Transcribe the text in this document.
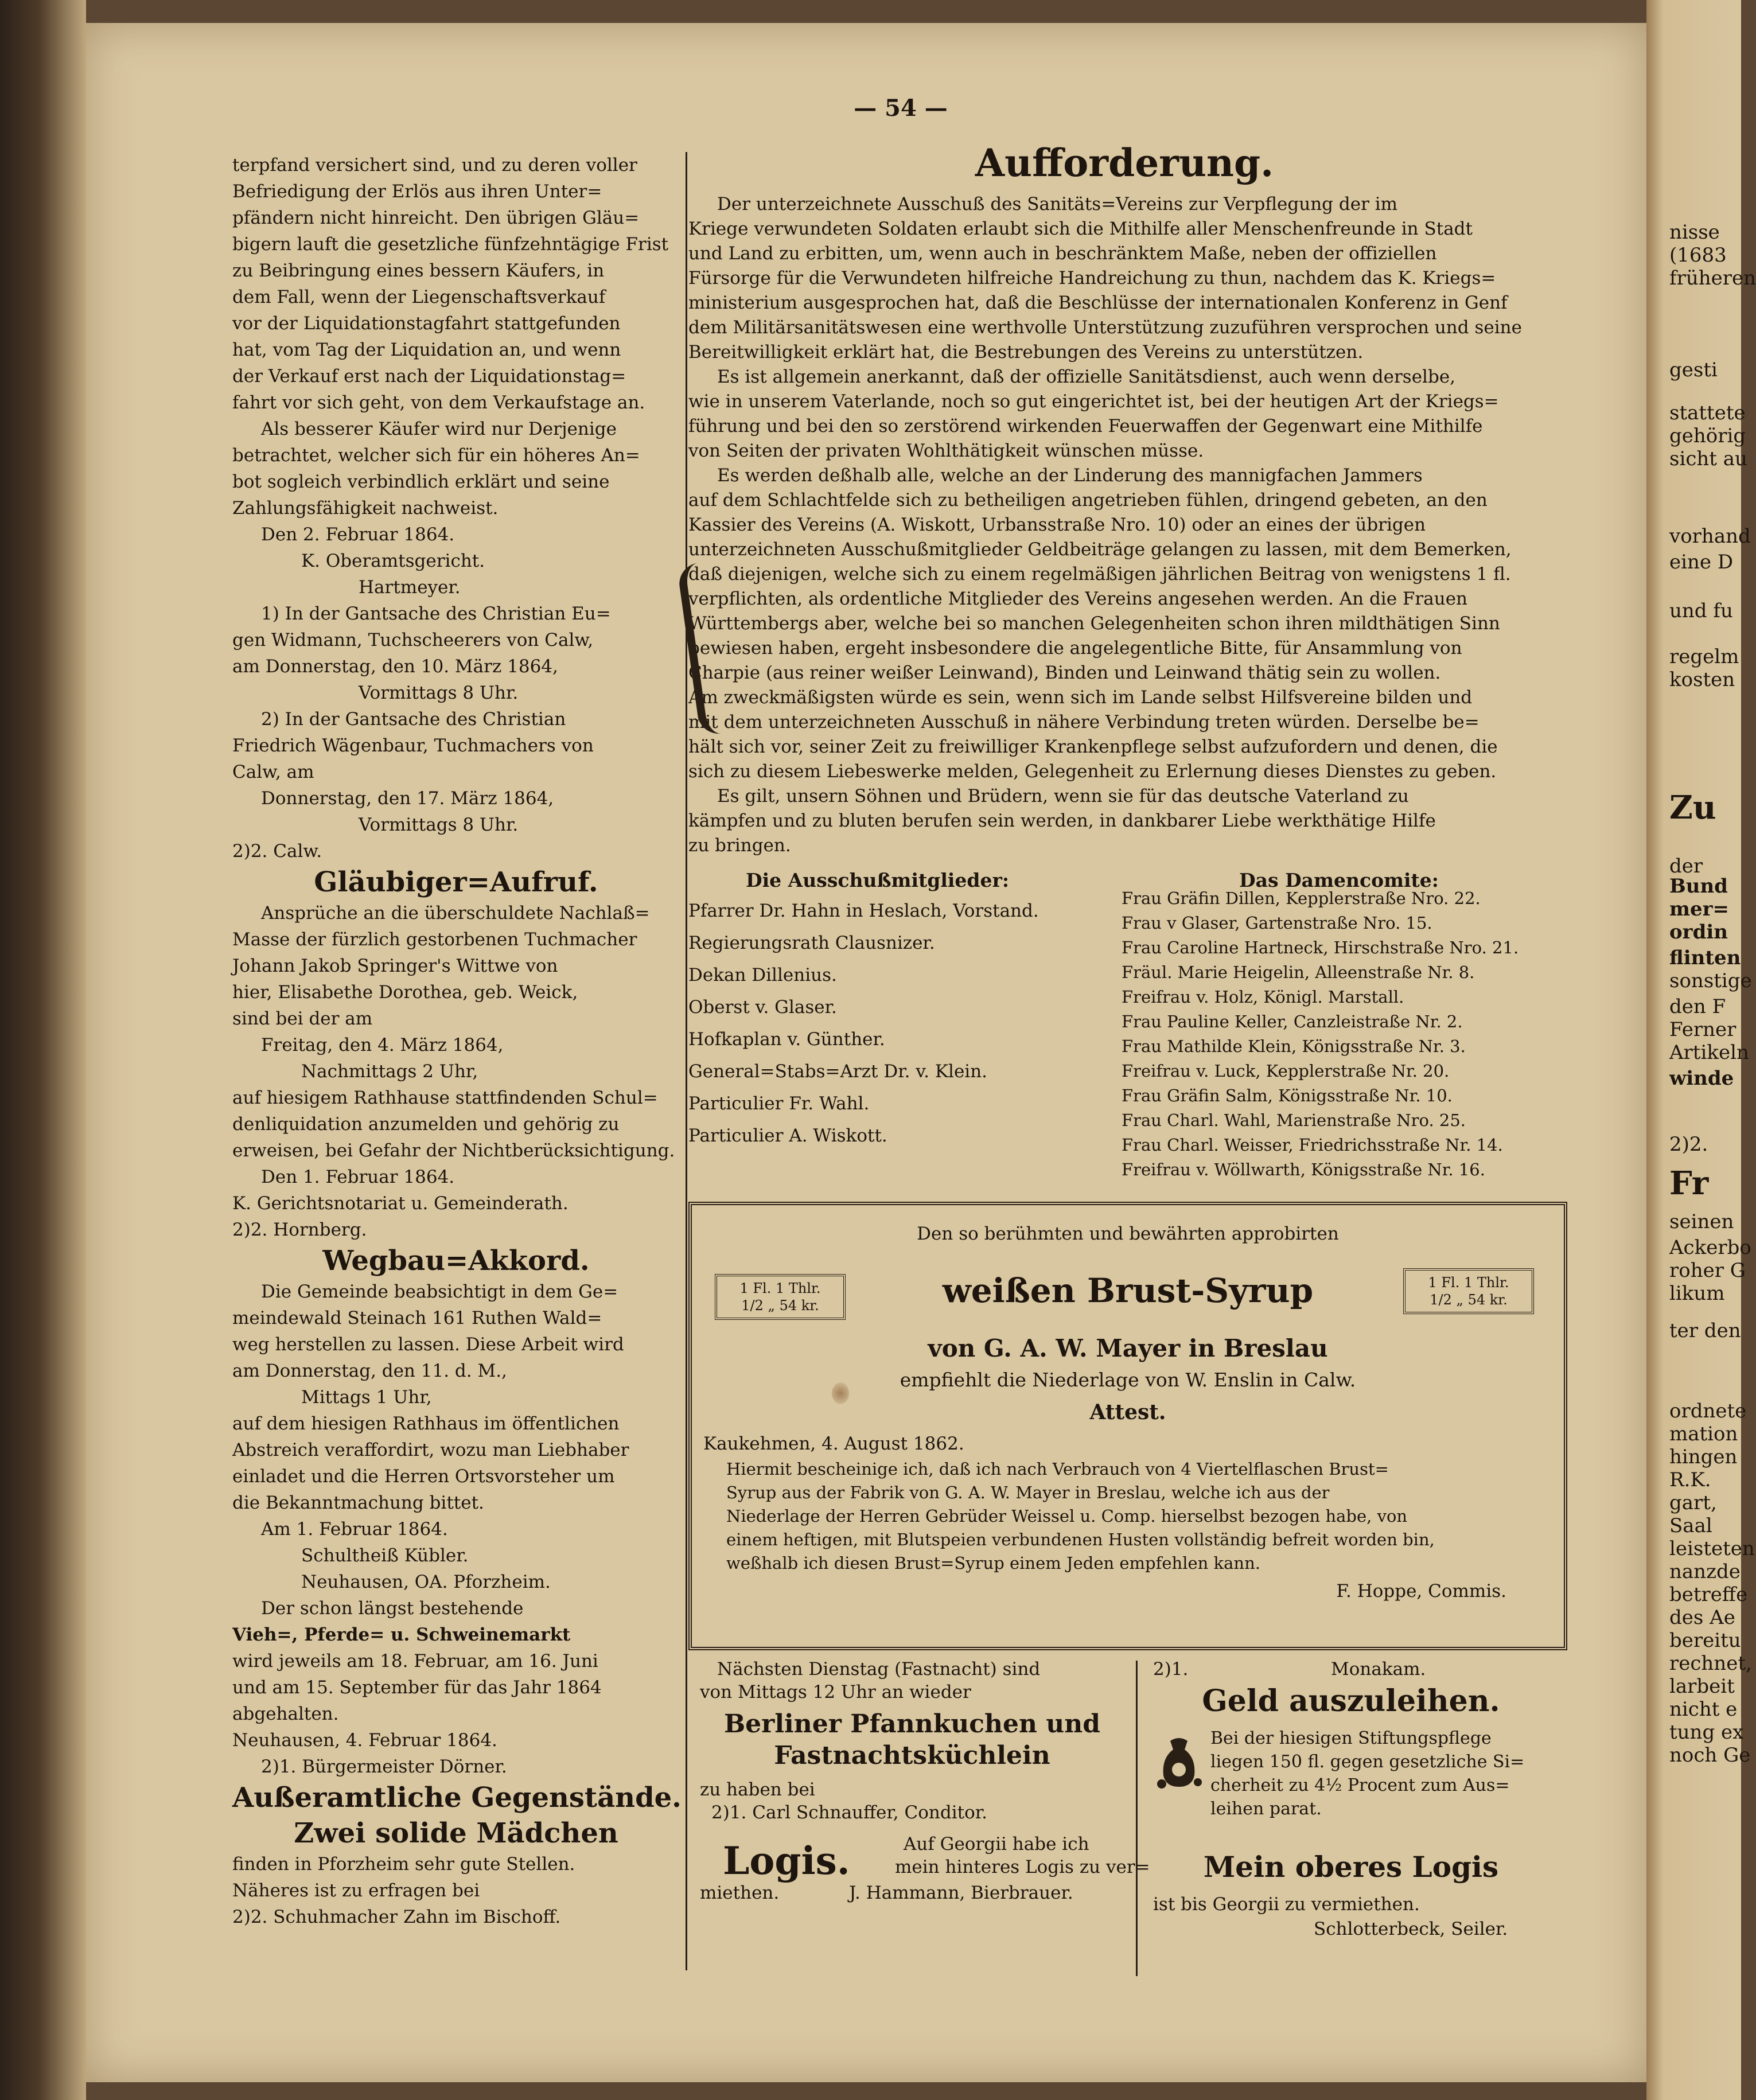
nisse
(1683
früheren
gesti
stattete
gehörig
sicht au
vorhand
eine D
und fu
regelm
kosten
Zu
der
Bund
mer=
ordin
flinten
sonstige
den F
Ferner
Artikeln
winde
2)2.
Fr
seinen
Ackerbo
roher G
likum
ter den
ordnete
mation
hingen
R.K.
gart,
Saal
leisteten
nanzde
betreffe
des Ae
bereitu
rechnet,
larbeit
nicht e
tung ex
noch Ge
— 54 —

terpfand versichert sind, und zu deren voller

Befriedigung der Erlös aus ihren Unter=

pfändern nicht hinreicht. Den übrigen Gläu=

bigern lauft die gesetzliche fünfzehntägige Frist

zu Beibringung eines bessern Käufers, in

dem Fall, wenn der Liegenschaftsverkauf

vor der Liquidationstagfahrt stattgefunden

hat, vom Tag der Liquidation an, und wenn

der Verkauf erst nach der Liquidationstag=

fahrt vor sich geht, von dem Verkaufstage an.

Als besserer Käufer wird nur Derjenige

betrachtet, welcher sich für ein höheres An=

bot sogleich verbindlich erklärt und seine

Zahlungsfähigkeit nachweist.

Den 2. Februar 1864.

K. Oberamtsgericht.

Hartmeyer.

1) In der Gantsache des Christian Eu=

gen Widmann, Tuchscheerers von Calw,

am Donnerstag, den 10. März 1864,

Vormittags 8 Uhr.

2) In der Gantsache des Christian

Friedrich Wägenbaur, Tuchmachers von

Calw, am

Donnerstag, den 17. März 1864,

Vormittags 8 Uhr.

2)2. Calw.

Gläubiger=Aufruf.

Ansprüche an die überschuldete Nachlaß=

Masse der fürzlich gestorbenen Tuchmacher

Johann Jakob Springer's Wittwe von

hier, Elisabethe Dorothea, geb. Weick,

sind bei der am

Freitag, den 4. März 1864,

Nachmittags 2 Uhr,

auf hiesigem Rathhause stattfindenden Schul=

denliquidation anzumelden und gehörig zu

erweisen, bei Gefahr der Nichtberücksichtigung.

Den 1. Februar 1864.

K. Gerichtsnotariat u. Gemeinderath.

2)2. Hornberg.

Wegbau=Akkord.

Die Gemeinde beabsichtigt in dem Ge=

meindewald Steinach 161 Ruthen Wald=

weg herstellen zu lassen. Diese Arbeit wird

am Donnerstag, den 11. d. M.,

Mittags 1 Uhr,

auf dem hiesigen Rathhaus im öffentlichen

Abstreich veraffordirt, wozu man Liebhaber

einladet und die Herren Ortsvorsteher um

die Bekanntmachung bittet.

Am 1. Februar 1864.

Schultheiß Kübler.

Neuhausen, OA. Pforzheim.

Der schon längst bestehende

Vieh=, Pferde= u. Schweinemarkt

wird jeweils am 18. Februar, am 16. Juni

und am 15. September für das Jahr 1864

abgehalten.

Neuhausen, 4. Februar 1864.

2)1. Bürgermeister Dörner.

Außeramtliche Gegenstände.

Zwei solide Mädchen

finden in Pforzheim sehr gute Stellen.

Näheres ist zu erfragen bei

2)2. Schuhmacher Zahn im Bischoff.

Aufforderung.

Der unterzeichnete Ausschuß des Sanitäts=Vereins zur Verpflegung der im

Kriege verwundeten Soldaten erlaubt sich die Mithilfe aller Menschenfreunde in Stadt

und Land zu erbitten, um, wenn auch in beschränktem Maße, neben der offiziellen

Fürsorge für die Verwundeten hilfreiche Handreichung zu thun, nachdem das K. Kriegs=

ministerium ausgesprochen hat, daß die Beschlüsse der internationalen Konferenz in Genf

dem Militärsanitätswesen eine werthvolle Unterstützung zuzuführen versprochen und seine

Bereitwilligkeit erklärt hat, die Bestrebungen des Vereins zu unterstützen.

Es ist allgemein anerkannt, daß der offizielle Sanitätsdienst, auch wenn derselbe,

wie in unserem Vaterlande, noch so gut eingerichtet ist, bei der heutigen Art der Kriegs=

führung und bei den so zerstörend wirkenden Feuerwaffen der Gegenwart eine Mithilfe

von Seiten der privaten Wohlthätigkeit wünschen müsse.

Es werden deßhalb alle, welche an der Linderung des mannigfachen Jammers

auf dem Schlachtfelde sich zu betheiligen angetrieben fühlen, dringend gebeten, an den

Kassier des Vereins (A. Wiskott, Urbansstraße Nro. 10) oder an eines der übrigen

unterzeichneten Ausschußmitglieder Geldbeiträge gelangen zu lassen, mit dem Bemerken,

daß diejenigen, welche sich zu einem regelmäßigen jährlichen Beitrag von wenigstens 1 fl.

verpflichten, als ordentliche Mitglieder des Vereins angesehen werden. An die Frauen

Württembergs aber, welche bei so manchen Gelegenheiten schon ihren mildthätigen Sinn

bewiesen haben, ergeht insbesondere die angelegentliche Bitte, für Ansammlung von

Charpie (aus reiner weißer Leinwand), Binden und Leinwand thätig sein zu wollen.

Am zweckmäßigsten würde es sein, wenn sich im Lande selbst Hilfsvereine bilden und

mit dem unterzeichneten Ausschuß in nähere Verbindung treten würden. Derselbe be=

hält sich vor, seiner Zeit zu freiwilliger Krankenpflege selbst aufzufordern und denen, die

sich zu diesem Liebeswerke melden, Gelegenheit zu Erlernung dieses Dienstes zu geben.

Es gilt, unsern Söhnen und Brüdern, wenn sie für das deutsche Vaterland zu

kämpfen und zu bluten berufen sein werden, in dankbarer Liebe werkthätige Hilfe

zu bringen.

Die Ausschußmitglieder:	Das Damencomite:

Pfarrer Dr. Hahn in Heslach, Vorstand.

Regierungsrath Clausnizer.

Dekan Dillenius.

Oberst v. Glaser.

Hofkaplan v. Günther.

General=Stabs=Arzt Dr. v. Klein.

Particulier Fr. Wahl.

Particulier A. Wiskott.

Frau Gräfin Dillen, Kepplerstraße Nro. 22.

Frau v Glaser, Gartenstraße Nro. 15.

Frau Caroline Hartneck, Hirschstraße Nro. 21.

Fräul. Marie Heigelin, Alleenstraße Nr. 8.

Freifrau v. Holz, Königl. Marstall.

Frau Pauline Keller, Canzleistraße Nr. 2.

Frau Mathilde Klein, Königsstraße Nr. 3.

Freifrau v. Luck, Kepplerstraße Nr. 20.

Frau Gräfin Salm, Königsstraße Nr. 10.

Frau Charl. Wahl, Marienstraße Nro. 25.

Frau Charl. Weisser, Friedrichsstraße Nr. 14.

Freifrau v. Wöllwarth, Königsstraße Nr. 16.

Den so berühmten und bewährten approbirten
1 Fl. 1 Thlr.
1/2 „ 54 kr.
1 Fl. 1 Thlr.
1/2 „ 54 kr.
weißen Brust-Syrup
von G. A. W. Mayer in Breslau
empfiehlt die Niederlage von W. Enslin in Calw.
Attest.
Kaukehmen, 4. August 1862.

Hiermit bescheinige ich, daß ich nach Verbrauch von 4 Viertelflaschen Brust=

Syrup aus der Fabrik von G. A. W. Mayer in Breslau, welche ich aus der

Niederlage der Herren Gebrüder Weissel u. Comp. hierselbst bezogen habe, von

einem heftigen, mit Blutspeien verbundenen Husten vollständig befreit worden bin,

weßhalb ich diesen Brust=Syrup einem Jeden empfehlen kann.

F. Hoppe, Commis.
Nächsten Dienstag (Fastnacht) sind
von Mittags 12 Uhr an wieder
Berliner Pfannkuchen und
Fastnachtsküchlein
zu haben bei
2)1. Carl Schnauffer, Conditor.
Logis.	Auf Georgii habe ich
mein hinteres Logis zu ver=
miethen.	J. Hammann, Bierbrauer.
2)1.	Monakam.
Geld auszuleihen.

Bei der hiesigen Stiftungspflege

liegen 150 fl. gegen gesetzliche Si=

cherheit zu 4½ Procent zum Aus=

leihen parat.

Mein oberes Logis
ist bis Georgii zu vermiethen.
Schlotterbeck, Seiler.
